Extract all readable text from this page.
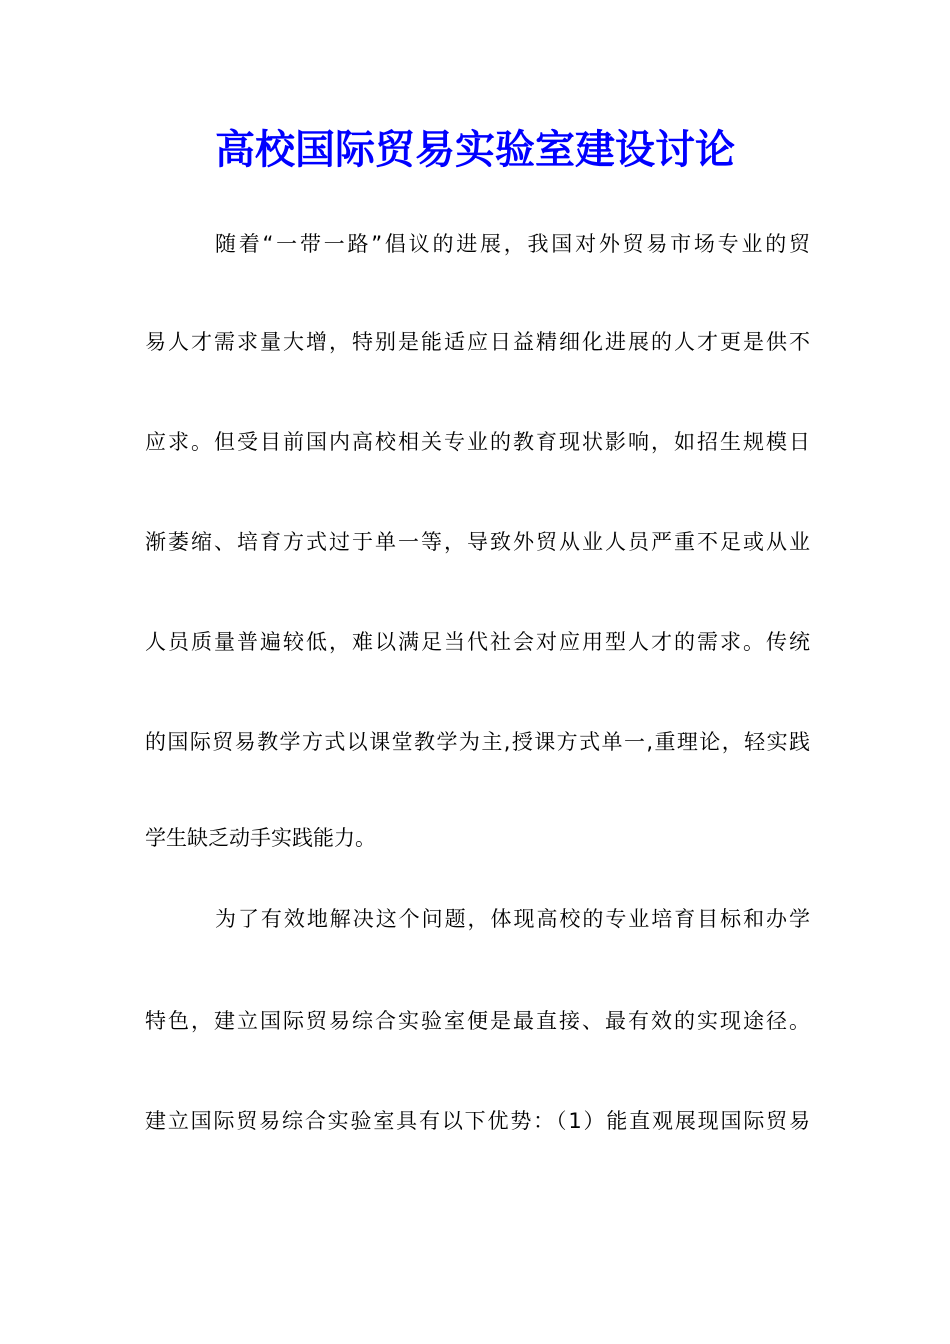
高校国际贸易实验室建设讨论

随着“一带一路”倡议的进展，我国对外贸易市场专业的贸

易人才需求量大增，特别是能适应日益精细化进展的人才更是供不

应求。但受目前国内高校相关专业的教育现状影响，如招生规模日

渐萎缩、培育方式过于单一等，导致外贸从业人员严重不足或从业

人员质量普遍较低，难以满足当代社会对应用型人才的需求。传统

的国际贸易教学方式以课堂教学为主,授课方式单一,重理论，轻实践

学生缺乏动手实践能力。

为了有效地解决这个问题，体现高校的专业培育目标和办学

特色，建立国际贸易综合实验室便是最直接、最有效的实现途径。

建立国际贸易综合实验室具有以下优势：（1）能直观展现国际贸易
